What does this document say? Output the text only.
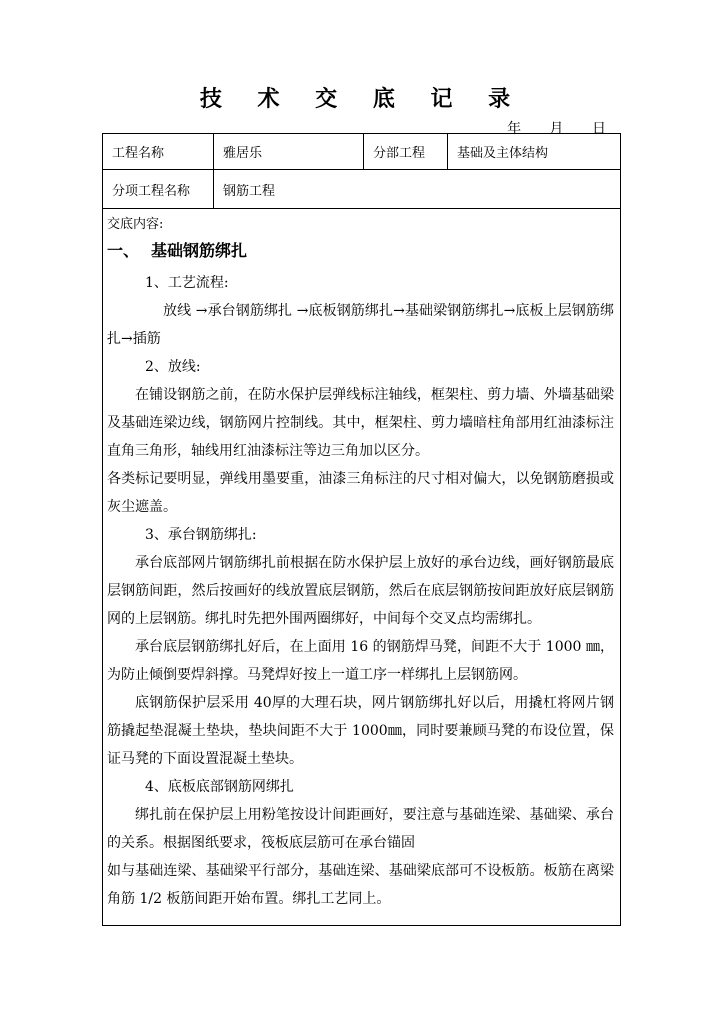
技 术 交 底 记 录
年 月 日
工程名称	雅居乐	分部工程	基础及主体结构
分项工程名称	钢筋工程
交底内容:
一、 基础钢筋绑扎
1、工艺流程:
放线 →承台钢筋绑扎 →底板钢筋绑扎→基础梁钢筋绑扎→底板上层钢筋绑扎→插筋
2、放线:
在铺设钢筋之前，在防水保护层弹线标注轴线，框架柱、剪力墙、外墙基础梁及基础连梁边线，钢筋网片控制线。其中，框架柱、剪力墙暗柱角部用红油漆标注直角三角形，轴线用红油漆标注等边三角加以区分。
各类标记要明显，弹线用墨要重，油漆三角标注的尺寸相对偏大，以免钢筋磨损或灰尘遮盖。
3、承台钢筋绑扎:
承台底部网片钢筋绑扎前根据在防水保护层上放好的承台边线，画好钢筋最底层钢筋间距，然后按画好的线放置底层钢筋，然后在底层钢筋按间距放好底层钢筋网的上层钢筋。绑扎时先把外围两圈绑好，中间每个交叉点均需绑扎。
承台底层钢筋绑扎好后，在上面用 16 的钢筋焊马凳，间距不大于 1000 ㎜，为防止倾倒要焊斜撑。马凳焊好按上一道工序一样绑扎上层钢筋网。
底钢筋保护层采用 40厚的大理石块，网片钢筋绑扎好以后，用撬杠将网片钢筋撬起垫混凝土垫块，垫块间距不大于 1000㎜，同时要兼顾马凳的布设位置，保证马凳的下面设置混凝土垫块。
4、底板底部钢筋网绑扎
绑扎前在保护层上用粉笔按设计间距画好，要注意与基础连梁、基础梁、承台的关系。根据图纸要求，筏板底层筋可在承台锚固
如与基础连梁、基础梁平行部分，基础连梁、基础梁底部可不设板筋。板筋在离梁角筋 1/2 板筋间距开始布置。绑扎工艺同上。
